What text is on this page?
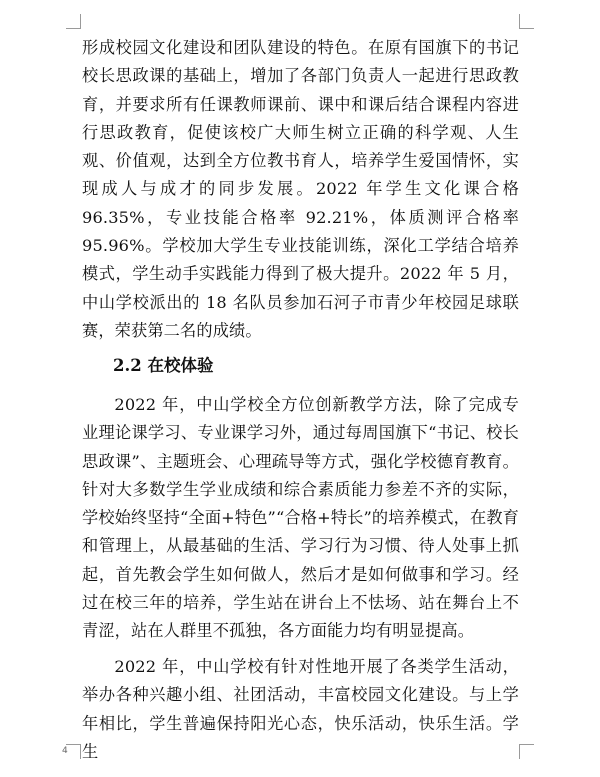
形成校园文化建设和团队建设的特色。在原有国旗下的书记校长思政课的基础上，增加了各部门负责人一起进行思政教育，并要求所有任课教师课前、课中和课后结合课程内容进行思政教育，促使该校广大师生树立正确的科学观、人生观、价值观，达到全方位教书育人，培养学生爱国情怀，实现成人与成才的同步发展。2022 年学生文化课合格 96.35%，专业技能合格率 92.21%，体质测评合格率 95.96%。学校加大学生专业技能训练，深化工学结合培养模式，学生动手实践能力得到了极大提升。2022 年 5 月，中山学校派出的 18 名队员参加石河子市青少年校园足球联赛，荣获第二名的成绩。

2.2 在校体验

2022 年，中山学校全方位创新教学方法，除了完成专业理论课学习、专业课学习外，通过每周国旗下“书记、校长思政课”、主题班会、心理疏导等方式，强化学校德育教育。针对大多数学生学业成绩和综合素质能力参差不齐的实际，学校始终坚持“全面+特色”“合格+特长”的培养模式，在教育和管理上，从最基础的生活、学习行为习惯、待人处事上抓起，首先教会学生如何做人，然后才是如何做事和学习。经过在校三年的培养，学生站在讲台上不怯场、站在舞台上不青涩，站在人群里不孤独，各方面能力均有明显提高。

2022 年，中山学校有针对性地开展了各类学生活动，举办各种兴趣小组、社团活动，丰富校园文化建设。与上学年相比，学生普遍保持阳光心态，快乐活动，快乐生活。学生

4
